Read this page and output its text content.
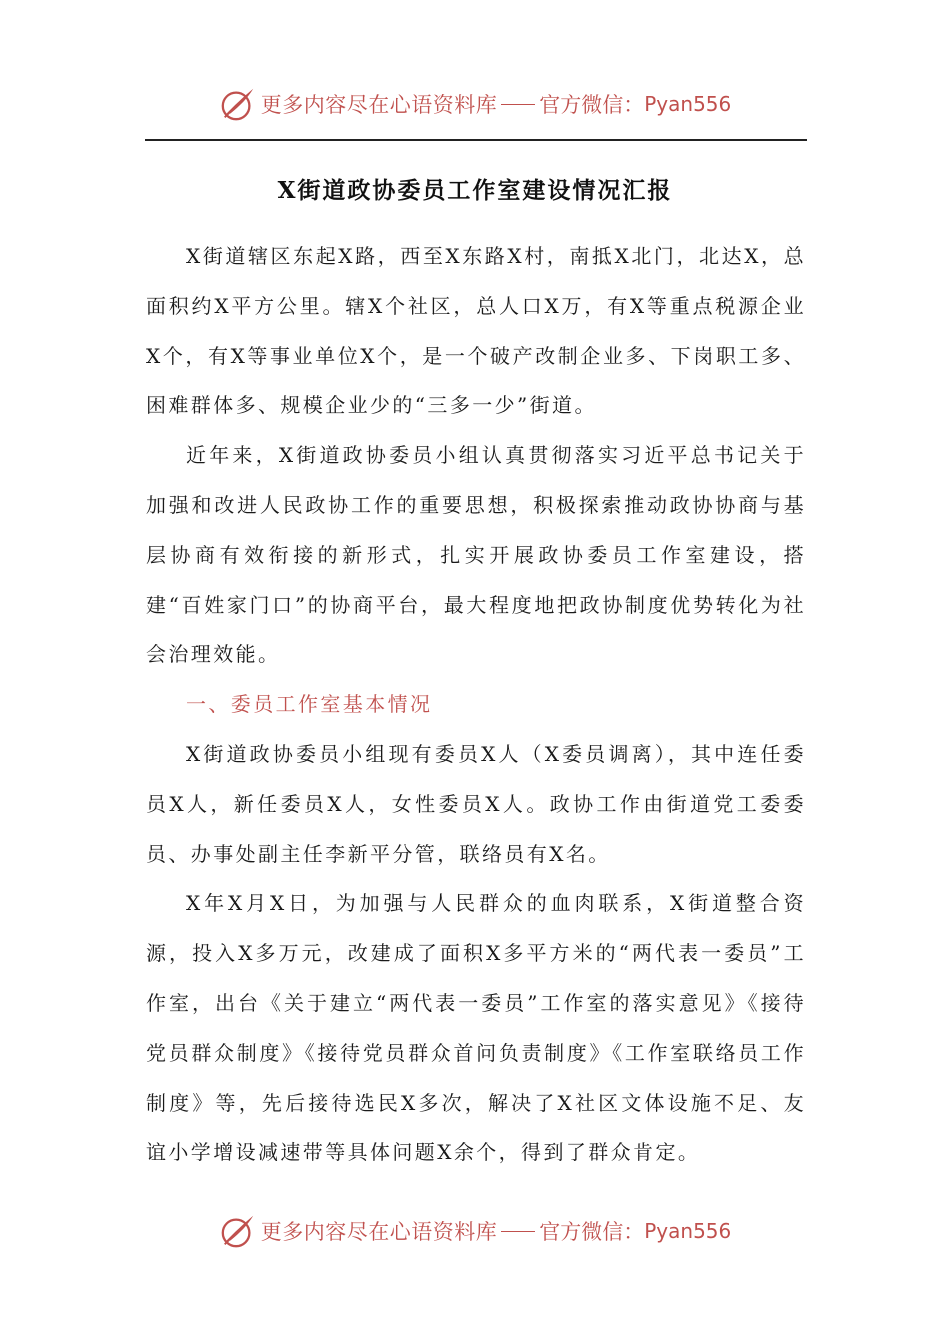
更多内容尽在心语资料库 官方微信： Pyan556
X街道政协委员工作室建设情况汇报

X街道辖区东起X路，西至X东路X村，南抵X北门，北达X，总面积约X平方公里。辖X个社区，总人口X万，有X等重点税源企业X个，有X等事业单位X个，是一个破产改制企业多、下岗职工多、困难群体多、规模企业少的“三多一少”街道。

近年来，X街道政协委员小组认真贯彻落实习近平总书记关于加强和改进人民政协工作的重要思想，积极探索推动政协协商与基层协商有效衔接的新形式，扎实开展政协委员工作室建设，搭建“百姓家门口”的协商平台，最大程度地把政协制度优势转化为社会治理效能。

一、委员工作室基本情况

X街道政协委员小组现有委员X人（X委员调离），其中连任委员X人，新任委员X人，女性委员X人。政协工作由街道党工委委员、办事处副主任李新平分管，联络员有X名。

X年X月X日，为加强与人民群众的血肉联系，X街道整合资源，投入X多万元，改建成了面积X多平方米的“两代表一委员”工作室，出台《关于建立“两代表一委员”工作室的落实意见》《接待党员群众制度》《接待党员群众首问负责制度》《工作室联络员工作制度》等，先后接待选民X多次，解决了X社区文体设施不足、友谊小学增设减速带等具体问题X余个，得到了群众肯定。

更多内容尽在心语资料库 官方微信： Pyan556
